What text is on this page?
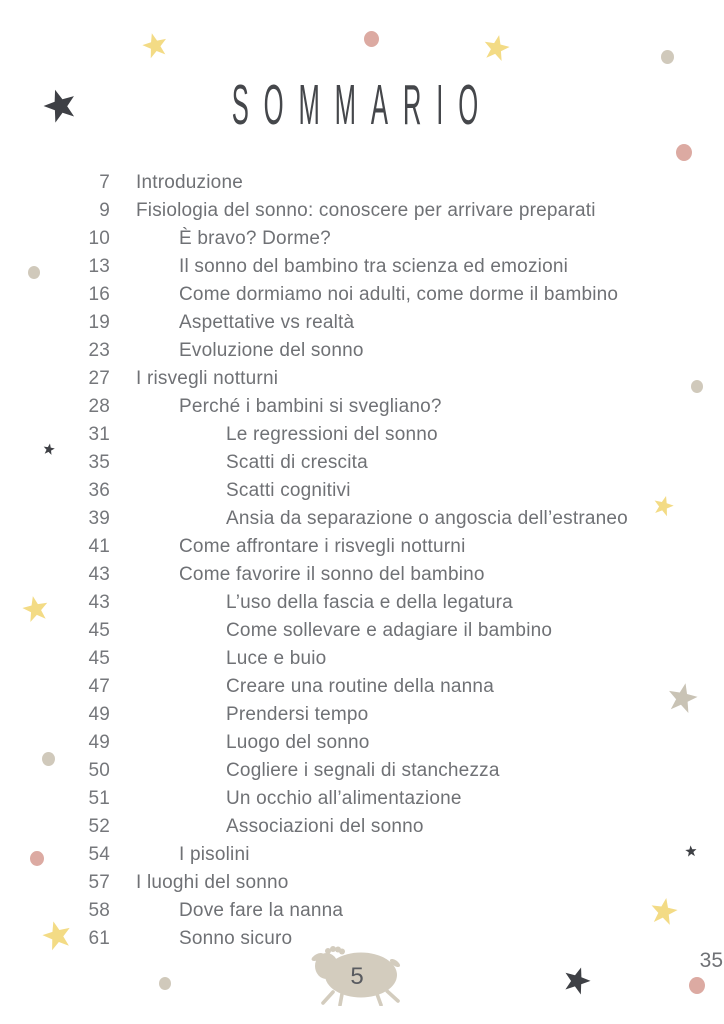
SOMMARIO
7 Introduzione
9 Fisiologia del sonno: conoscere per arrivare preparati
10	È bravo? Dorme?
13	Il sonno del bambino tra scienza ed emozioni
16	Come dormiamo noi adulti, come dorme il bambino
19	Aspettative vs realtà
23	Evoluzione del sonno
27 I risvegli notturni
28	Perché i bambini si svegliano?
31	Le regressioni del sonno
35	Scatti di crescita
36	Scatti cognitivi
39	Ansia da separazione o angoscia dell’estraneo
41	Come affrontare i risvegli notturni
43	Come favorire il sonno del bambino
43	L’uso della fascia e della legatura
45	Come sollevare e adagiare il bambino
45	Luce e buio
47	Creare una routine della nanna
49	Prendersi tempo
49	Luogo del sonno
50	Cogliere i segnali di stanchezza
51	Un occhio all’alimentazione
52	Associazioni del sonno
54	I pisolini
57 I luoghi del sonno
58	Dove fare la nanna
61	Sonno sicuro
5
35
